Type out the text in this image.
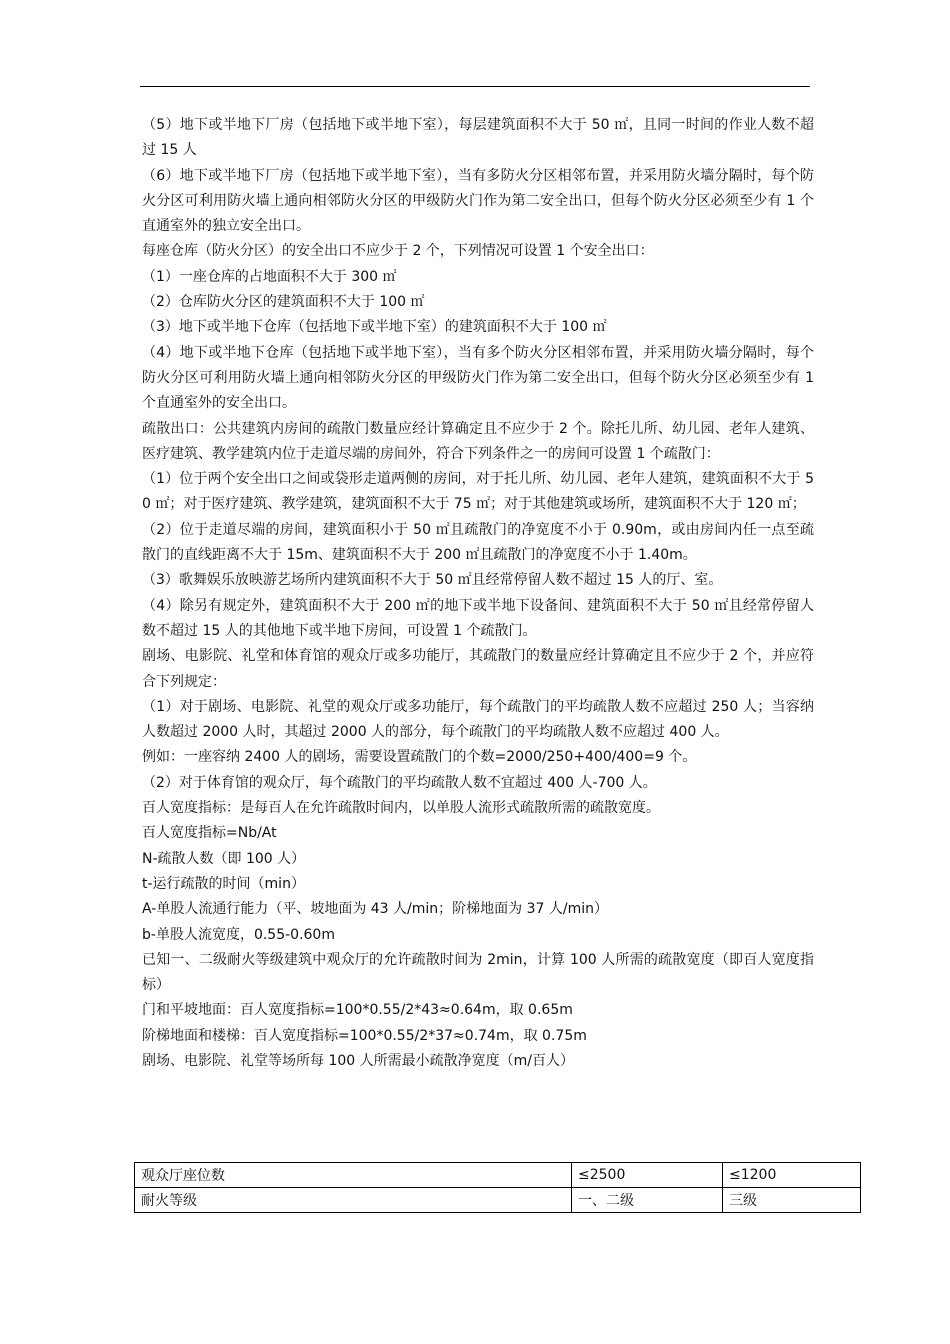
（5）地下或半地下厂房（包括地下或半地下室），每层建筑面积不大于 50 ㎡，且同一时间的作业人数不超过 15 人

（6）地下或半地下厂房（包括地下或半地下室），当有多防火分区相邻布置，并采用防火墙分隔时，每个防火分区可利用防火墙上通向相邻防火分区的甲级防火门作为第二安全出口，但每个防火分区必须至少有 1 个直通室外的独立安全出口。

每座仓库（防火分区）的安全出口不应少于 2 个，下列情况可设置 1 个安全出口：

（1）一座仓库的占地面积不大于 300 ㎡

（2）仓库防火分区的建筑面积不大于 100 ㎡

（3）地下或半地下仓库（包括地下或半地下室）的建筑面积不大于 100 ㎡

（4）地下或半地下仓库（包括地下或半地下室），当有多个防火分区相邻布置，并采用防火墙分隔时，每个防火分区可利用防火墙上通向相邻防火分区的甲级防火门作为第二安全出口，但每个防火分区必须至少有 1 个直通室外的安全出口。

疏散出口：公共建筑内房间的疏散门数量应经计算确定且不应少于 2 个。除托儿所、幼儿园、老年人建筑、医疗建筑、教学建筑内位于走道尽端的房间外，符合下列条件之一的房间可设置 1 个疏散门：

（1）位于两个安全出口之间或袋形走道两侧的房间，对于托儿所、幼儿园、老年人建筑，建筑面积不大于 50 ㎡；对于医疗建筑、教学建筑，建筑面积不大于 75 ㎡；对于其他建筑或场所，建筑面积不大于 120 ㎡；

（2）位于走道尽端的房间，建筑面积小于 50 ㎡且疏散门的净宽度不小于 0.90m，或由房间内任一点至疏散门的直线距离不大于 15m、建筑面积不大于 200 ㎡且疏散门的净宽度不小于 1.40m。

（3）歌舞娱乐放映游艺场所内建筑面积不大于 50 ㎡且经常停留人数不超过 15 人的厅、室。

（4）除另有规定外，建筑面积不大于 200 ㎡的地下或半地下设备间、建筑面积不大于 50 ㎡且经常停留人数不超过 15 人的其他地下或半地下房间，可设置 1 个疏散门。

剧场、电影院、礼堂和体育馆的观众厅或多功能厅，其疏散门的数量应经计算确定且不应少于 2 个，并应符合下列规定：

（1）对于剧场、电影院、礼堂的观众厅或多功能厅，每个疏散门的平均疏散人数不应超过 250 人；当容纳人数超过 2000 人时，其超过 2000 人的部分，每个疏散门的平均疏散人数不应超过 400 人。

例如：一座容纳 2400 人的剧场，需要设置疏散门的个数=2000/250+400/400=9 个。

（2）对于体育馆的观众厅，每个疏散门的平均疏散人数不宜超过 400 人-700 人。

百人宽度指标：是每百人在允许疏散时间内，以单股人流形式疏散所需的疏散宽度。

百人宽度指标=Nb/At

N-疏散人数（即 100 人）

t-运行疏散的时间（min）

A-单股人流通行能力（平、坡地面为 43 人/min；阶梯地面为 37 人/min）

b-单股人流宽度，0.55-0.60m

已知一、二级耐火等级建筑中观众厅的允许疏散时间为 2min，计算 100 人所需的疏散宽度（即百人宽度指标）

门和平坡地面：百人宽度指标=100*0.55/2*43≈0.64m，取 0.65m

阶梯地面和楼梯：百人宽度指标=100*0.55/2*37≈0.74m，取 0.75m

剧场、电影院、礼堂等场所每 100 人所需最小疏散净宽度（m/百人）

观众厅座位数	≤2500	≤1200
耐火等级	一、二级	三级
